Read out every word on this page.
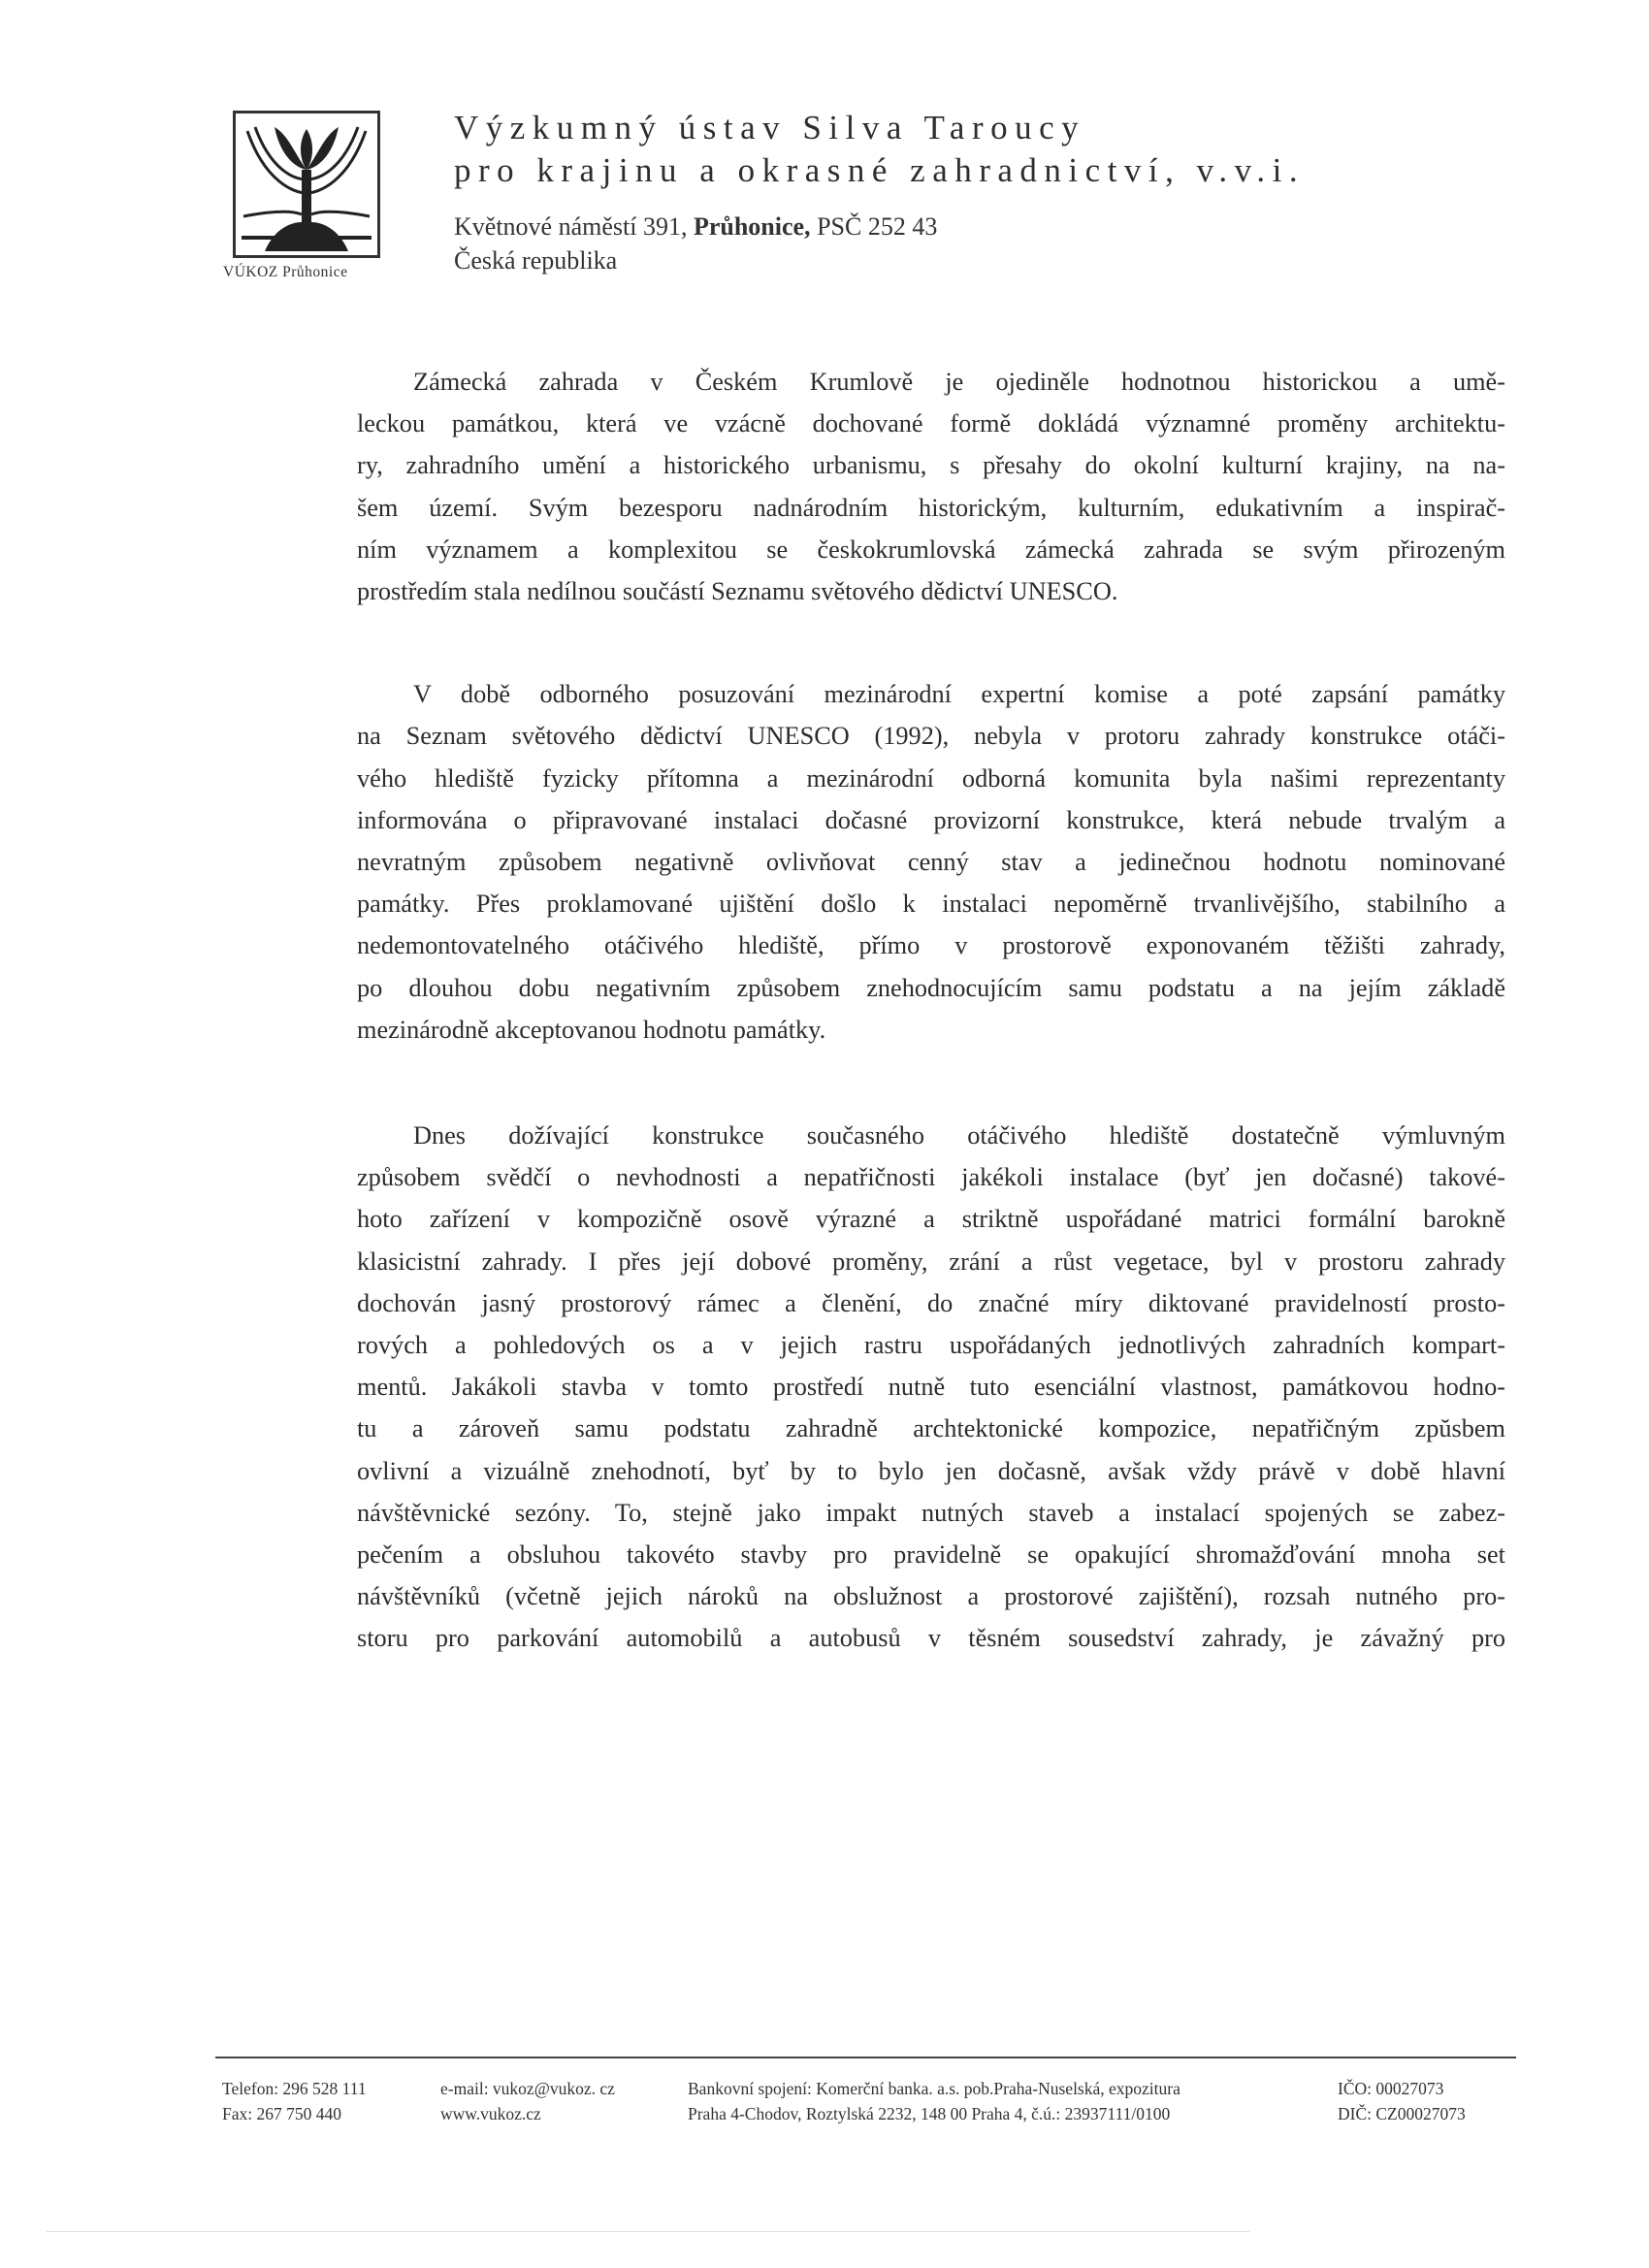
VÚKOZ Průhonice
Výzkumný ústav Silva Taroucy
pro krajinu a okrasné zahradnictví, v.v.i.
Květnové náměstí 391, Průhonice, PSČ 252 43
Česká republika

Zámecká zahrada v Českém Krumlově je ojediněle hodnotnou historickou a umě-
leckou památkou, která ve vzácně dochované formě dokládá významné proměny architektu-
ry, zahradního umění a historického urbanismu, s přesahy do okolní kulturní krajiny, na na-
šem území. Svým bezesporu nadnárodním historickým, kulturním, edukativním a inspirač-
ním významem a komplexitou se českokrumlovská zámecká zahrada se svým přirozeným
prostředím stala nedílnou součástí Seznamu světového dědictví UNESCO.

V době odborného posuzování mezinárodní expertní komise a poté zapsání památky
na Seznam světového dědictví UNESCO (1992), nebyla v protoru zahrady konstrukce otáči-
vého hlediště fyzicky přítomna a mezinárodní odborná komunita byla našimi reprezentanty
informována o připravované instalaci dočasné provizorní konstrukce, která nebude trvalým a
nevratným způsobem negativně ovlivňovat cenný stav a jedinečnou hodnotu nominované
památky. Přes proklamované ujištění došlo k instalaci nepoměrně trvanlivějšího, stabilního a
nedemontovatelného otáčivého hlediště, přímo v prostorově exponovaném těžišti zahrady,
po dlouhou dobu negativním způsobem znehodnocujícím samu podstatu a na jejím základě
mezinárodně akceptovanou hodnotu památky.

Dnes dožívající konstrukce současného otáčivého hlediště dostatečně výmluvným
způsobem svědčí o nevhodnosti a nepatřičnosti jakékoli instalace (byť jen dočasné) takové-
hoto zařízení v kompozičně osově výrazné a striktně uspořádané matrici formální barokně
klasicistní zahrady. I přes její dobové proměny, zrání a růst vegetace, byl v prostoru zahrady
dochován jasný prostorový rámec a členění, do značné míry diktované pravidelností prosto-
rových a pohledových os a v jejich rastru uspořádaných jednotlivých zahradních kompart-
mentů. Jakákoli stavba v tomto prostředí nutně tuto esenciální vlastnost, památkovou hodno-
tu a zároveň samu podstatu zahradně archtektonické kompozice, nepatřičným zpŭsbem
ovlivní a vizuálně znehodnotí, byť by to bylo jen dočasně, avšak vždy právě v době hlavní
návštěvnické sezóny. To, stejně jako impakt nutných staveb a instalací spojených se zabez-
pečením a obsluhou takovéto stavby pro pravidelně se opakující shromažďování mnoha set
návštěvníků (včetně jejich nároků na obslužnost a prostorové zajištění), rozsah nutného pro-
storu pro parkování automobilů a autobusů v těsném sousedství zahrady, je závažný pro

Telefon: 296 528 111
Fax: 267 750 440
e-mail: vukoz@vukoz. cz
www.vukoz.cz
Bankovní spojení: Komerční banka. a.s. pob.Praha-Nuselská, expozitura
Praha 4-Chodov, Roztylská 2232, 148 00 Praha 4, č.ú.: 23937111/0100
IČO: 00027073
DIČ: CZ00027073
